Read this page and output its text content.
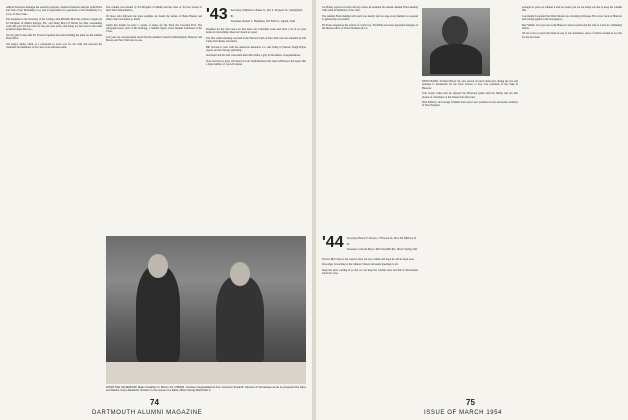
Allison Sansel he manages the research program, conducts financial analysis (with Buck and Tom of the Doubleday Co.) and is responsible for operations at the Doubleday Co. Corp. of New York...

The Assistant to the Secretary of the College, Dan Mitchell McCann, writes to single out Ed McQuire of Miami Springs, Fla., and Doug Boyd of Dallas for their outstanding work this year. Ed has been for the past four years, and Doug too has been in the same position longer than we...

We are glad to hear that Dr. Everett Lippman has been building his plant for the Alumni Fund office.

The happy dinner affair at a restaurant in town was for the 25th and honored the chairmen and members of the class as an unbeaten team.

The column was headed by Ed McQuire of Miami and the class of '42 now boasts of their fund achievements...

Of those who followed the great example are found the names of Hank Bruster and others who took home so much.

Again this month we have a couple of issues for the 'Roof the Crowded Frat'. The paragraph below tells of Mr. Kellogg, a familiar figure at the Alumni Luncheon of the Class.

Last year our correspondent noted that the Alumni Council in Philadelphia, Hanover and Boston and New York met as one.

'43 Secretary, William G. Baker Jr., 261 S. Prospect St., Springfield, Ill.
Treasurer, Robert L. Hamilton, 505 Fish St., Ogden, Utah

Deadline for the class news for this issue was Christmas week and since a lot of us were home for the holidays there isn't much to report.

The first winter meeting was held at the Harvard Club of New York and was attended by Jim Clark, Pete Ryder and others.

Bill Stevens is now with the American Insurance Co. and living in Weston. Hugh Hayes reports on the Chicago gathering.

Jack Kent and his wife welcomed their third child, a girl, in December. Congratulations.

Your secretary is busy with plans for our Tenth Reunion this June in Hanover and hopes that a large number of you will attend.

FROM THE GOVERNOR: Major Jonathan D. Brown '43, USMCR, receives congratulations from Governor Frank B. Clement of Tennessee as he is presented the Navy and Marine Corps Medal for heroism in the rescue of a fellow officer during World War II.
74
DARTMOUTH ALUMNI MAGAZINE

Joe Bailey reports in from Chicago where he attended the annual Alumni Fund meeting with some 40 members of the class.

The Alumni Fund mailing will reach you shortly and we urge every member to respond as generously as possible.

Ed Stone announces the arrival of a baby boy. Fred Hale has been appointed manager of the Boston office of Wood Struthers & Co.

'44 Secretary, Henry E. Brown, 178 Great St., Box 48, Milford, N. H.
Treasurer, Lincoln Moor, 466 Churchill Rd., Silver Spring, Md.

We lost Bill Clark to the reserves after our last column and hope he will be back soon.

Don Alger is teaching at the Gilmore School and sends greetings to all.

Keep the news coming in so that we can keep the column alive and full of information about the class.

NEWS BANK. Norman Blood '44, who served on naval destroyers during the war and returned to Dartmouth for the Tuck School, is now vice president of the bank in Hanover.

Tom Green writes that he enjoyed the Princeton game with his family and ran into dozens of classmates at the Nassau Inn afterward.

Dick Mallory and George Schmidt both report new positions in the electronics industry in New England.

arranged to press on without it and we assure you we are doing our best to keep the column full.

Last month I reported that Dick Moran was traveling in Europe. He is now back in Hanover and writing again for the newspapers.

Bob Smith's two boys are in the Hanover school system and his wife is active in community affairs.

We are sorry to report the death of one of our classmates, news of which reached us too late for the last issue.

75
ISSUE OF MARCH 1954
